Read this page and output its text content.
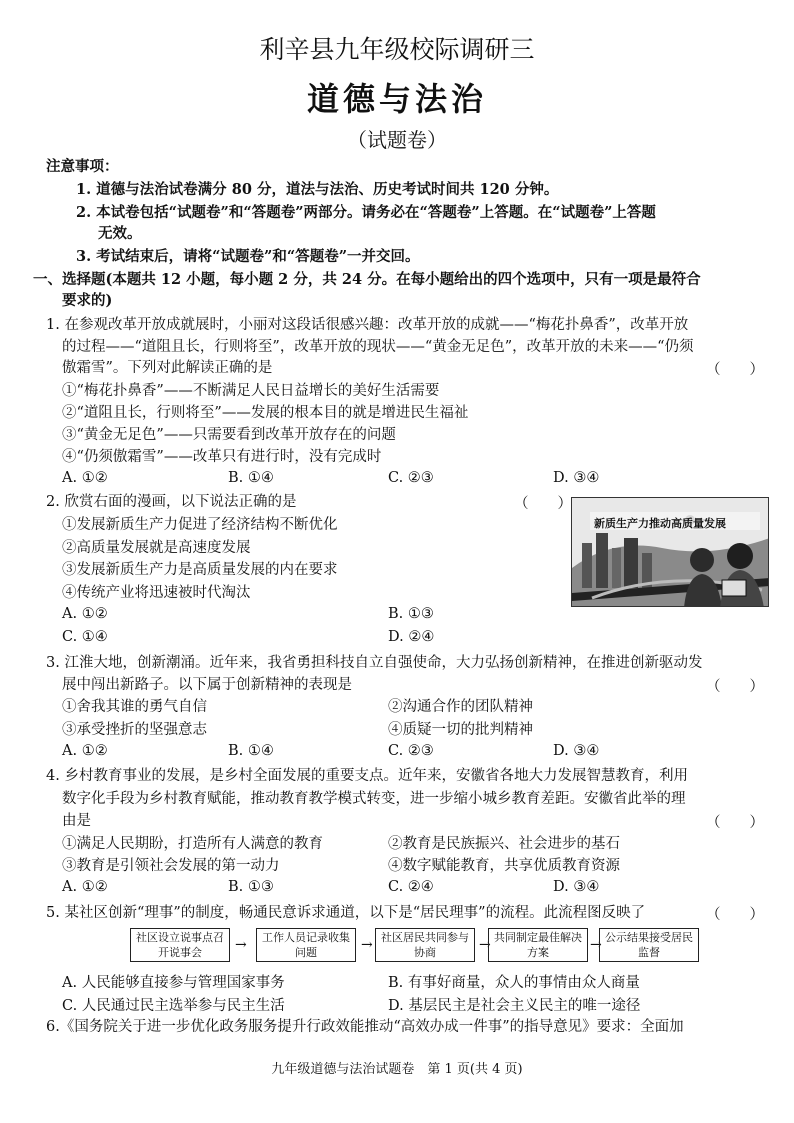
利辛县九年级校际调研三
道德与法治
（试题卷）
注意事项：
1. 道德与法治试卷满分 80 分，道法与法治、历史考试时间共 120 分钟。
2. 本试卷包括“试题卷”和“答题卷”两部分。请务必在“答题卷”上答题。在“试题卷”上答题
无效。
3. 考试结束后，请将“试题卷”和“答题卷”一并交回。
一、选择题(本题共 12 小题，每小题 2 分，共 24 分。在每小题给出的四个选项中，只有一项是最符合
要求的)
1. 在参观改革开放成就展时，小丽对这段话很感兴趣：改革开放的成就——“梅花扑鼻香”，改革开放
的过程——“道阻且长，行则将至”，改革开放的现状——“黄金无足色”，改革开放的未来——“仍须
傲霜雪”。下列对此解读正确的是	（　　）
①“梅花扑鼻香”——不断满足人民日益增长的美好生活需要
②“道阻且长，行则将至”——发展的根本目的就是增进民生福祉
③“黄金无足色”——只需要看到改革开放存在的问题
④“仍须傲霜雪”——改革只有进行时，没有完成时
A. ①②	B. ①④	C. ②③	D. ③④
2. 欣赏右面的漫画，以下说法正确的是	（　　）
①发展新质生产力促进了经济结构不断优化
②高质量发展就是高速度发展
③发展新质生产力是高质量发展的内在要求
④传统产业将迅速被时代淘汰
A. ①②	B. ①③
C. ①④	D. ②④
新质生产力推动高质量发展
3. 江淮大地，创新潮涌。近年来，我省勇担科技自立自强使命，大力弘扬创新精神，在推进创新驱动发
展中闯出新路子。以下属于创新精神的表现是	（　　）
①舍我其谁的勇气自信	②沟通合作的团队精神
③承受挫折的坚强意志	④质疑一切的批判精神
A. ①②	B. ①④	C. ②③	D. ③④
4. 乡村教育事业的发展，是乡村全面发展的重要支点。近年来，安徽省各地大力发展智慧教育，利用
数字化手段为乡村教育赋能，推动教育教学模式转变，进一步缩小城乡教育差距。安徽省此举的理
由是	（　　）
①满足人民期盼，打造所有人满意的教育	②教育是民族振兴、社会进步的基石
③教育是引领社会发展的第一动力	④数字赋能教育，共享优质教育资源
A. ①②	B. ①③	C. ②④	D. ③④
5. 某社区创新“理事”的制度，畅通民意诉求通道，以下是“居民理事”的流程。此流程图反映了	（　　）
社区设立说事点召开说事会	→	工作人员记录收集问题	→ 社区居民共同参与协商	→ 共同制定最佳解决方案	→ 公示结果接受居民监督
A. 人民能够直接参与管理国家事务	B. 有事好商量，众人的事情由众人商量
C. 人民通过民主选举参与民主生活	D. 基层民主是社会主义民主的唯一途径
6.《国务院关于进一步优化政务服务提升行政效能推动“高效办成一件事”的指导意见》要求：全面加
九年级道德与法治试题卷　第 1 页(共 4 页)
